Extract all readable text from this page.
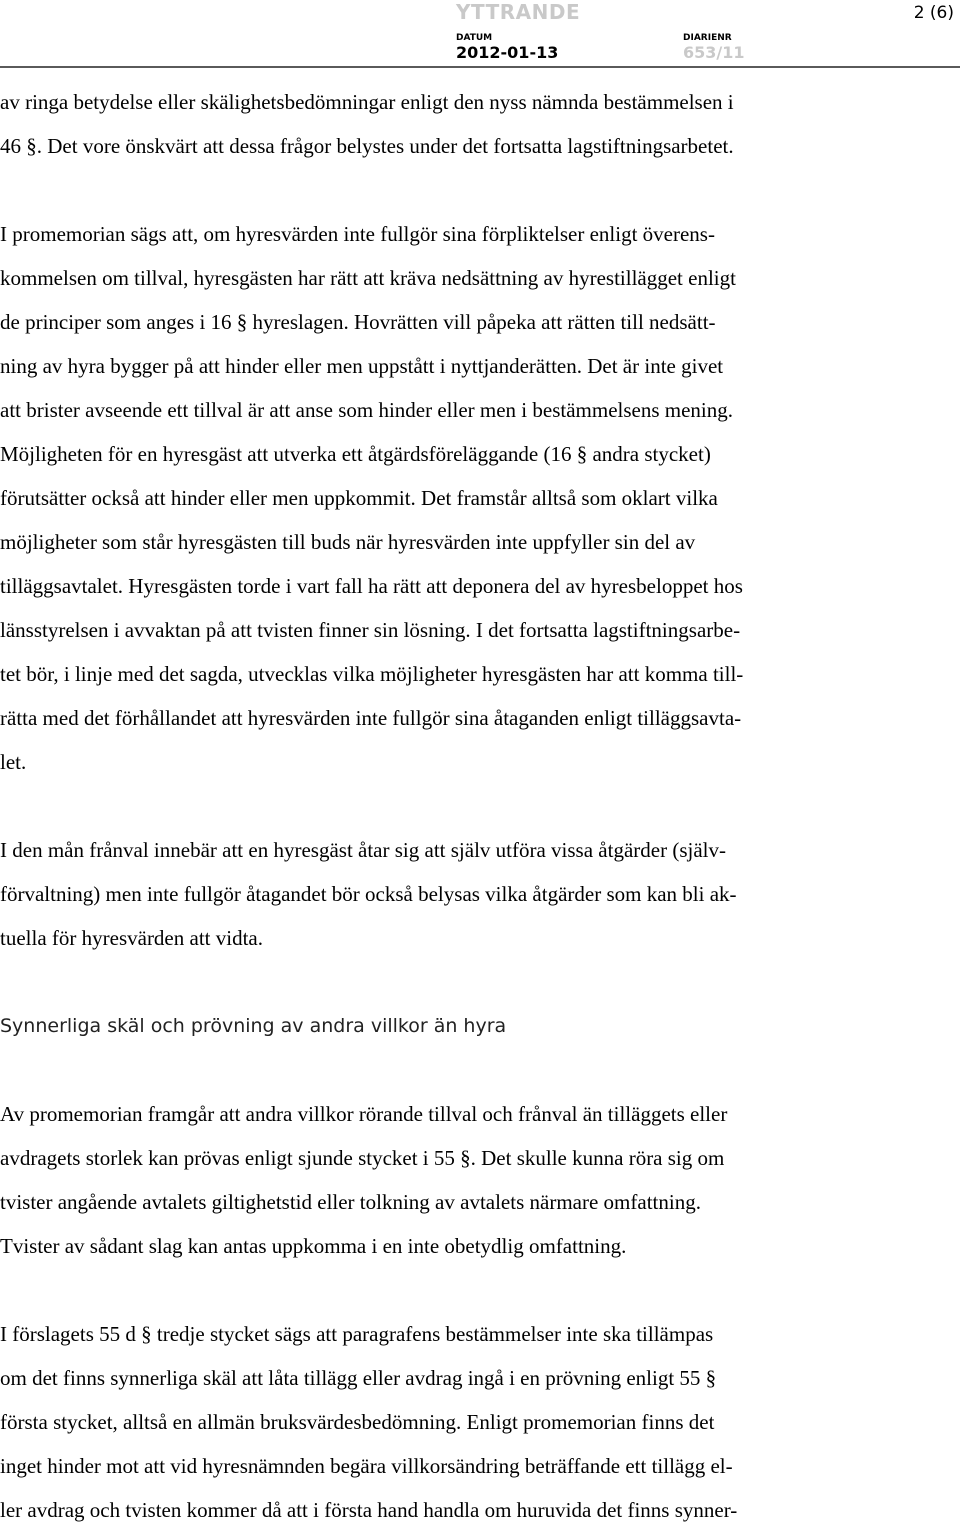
YTTRANDE	2 (6)
DATUM
2012-01-13
DIARIENR
653/11

av ringa betydelse eller skälighetsbedömningar enligt den nyss nämnda bestämmelsen i
46 §. Det vore önskvärt att dessa frågor belystes under det fortsatta lagstiftningsarbetet.

I promemorian sägs att, om hyresvärden inte fullgör sina förpliktelser enligt överens-
kommelsen om tillval, hyresgästen har rätt att kräva nedsättning av hyrestillägget enligt
de principer som anges i 16 § hyreslagen. Hovrätten vill påpeka att rätten till nedsätt-
ning av hyra bygger på att hinder eller men uppstått i nyttjanderätten. Det är inte givet
att brister avseende ett tillval är att anse som hinder eller men i bestämmelsens mening.
Möjligheten för en hyresgäst att utverka ett åtgärdsföreläggande (16 § andra stycket)
förutsätter också att hinder eller men uppkommit. Det framstår alltså som oklart vilka
möjligheter som står hyresgästen till buds när hyresvärden inte uppfyller sin del av
tilläggsavtalet. Hyresgästen torde i vart fall ha rätt att deponera del av hyresbeloppet hos
länsstyrelsen i avvaktan på att tvisten finner sin lösning. I det fortsatta lagstiftningsarbe-
tet bör, i linje med det sagda, utvecklas vilka möjligheter hyresgästen har att komma till-
rätta med det förhållandet att hyresvärden inte fullgör sina åtaganden enligt tilläggsavta-
let.

I den mån frånval innebär att en hyresgäst åtar sig att själv utföra vissa åtgärder (själv-
förvaltning) men inte fullgör åtagandet bör också belysas vilka åtgärder som kan bli ak-
tuella för hyresvärden att vidta.

Synnerliga skäl och prövning av andra villkor än hyra

Av promemorian framgår att andra villkor rörande tillval och frånval än tilläggets eller
avdragets storlek kan prövas enligt sjunde stycket i 55 §. Det skulle kunna röra sig om
tvister angående avtalets giltighetstid eller tolkning av avtalets närmare omfattning.
Tvister av sådant slag kan antas uppkomma i en inte obetydlig omfattning.

I förslagets 55 d § tredje stycket sägs att paragrafens bestämmelser inte ska tillämpas
om det finns synnerliga skäl att låta tillägg eller avdrag ingå i en prövning enligt 55 §
första stycket, alltså en allmän bruksvärdesbedömning. Enligt promemorian finns det
inget hinder mot att vid hyresnämnden begära villkorsändring beträffande ett tillägg el-
ler avdrag och tvisten kommer då att i första hand handla om huruvida det finns synner-
